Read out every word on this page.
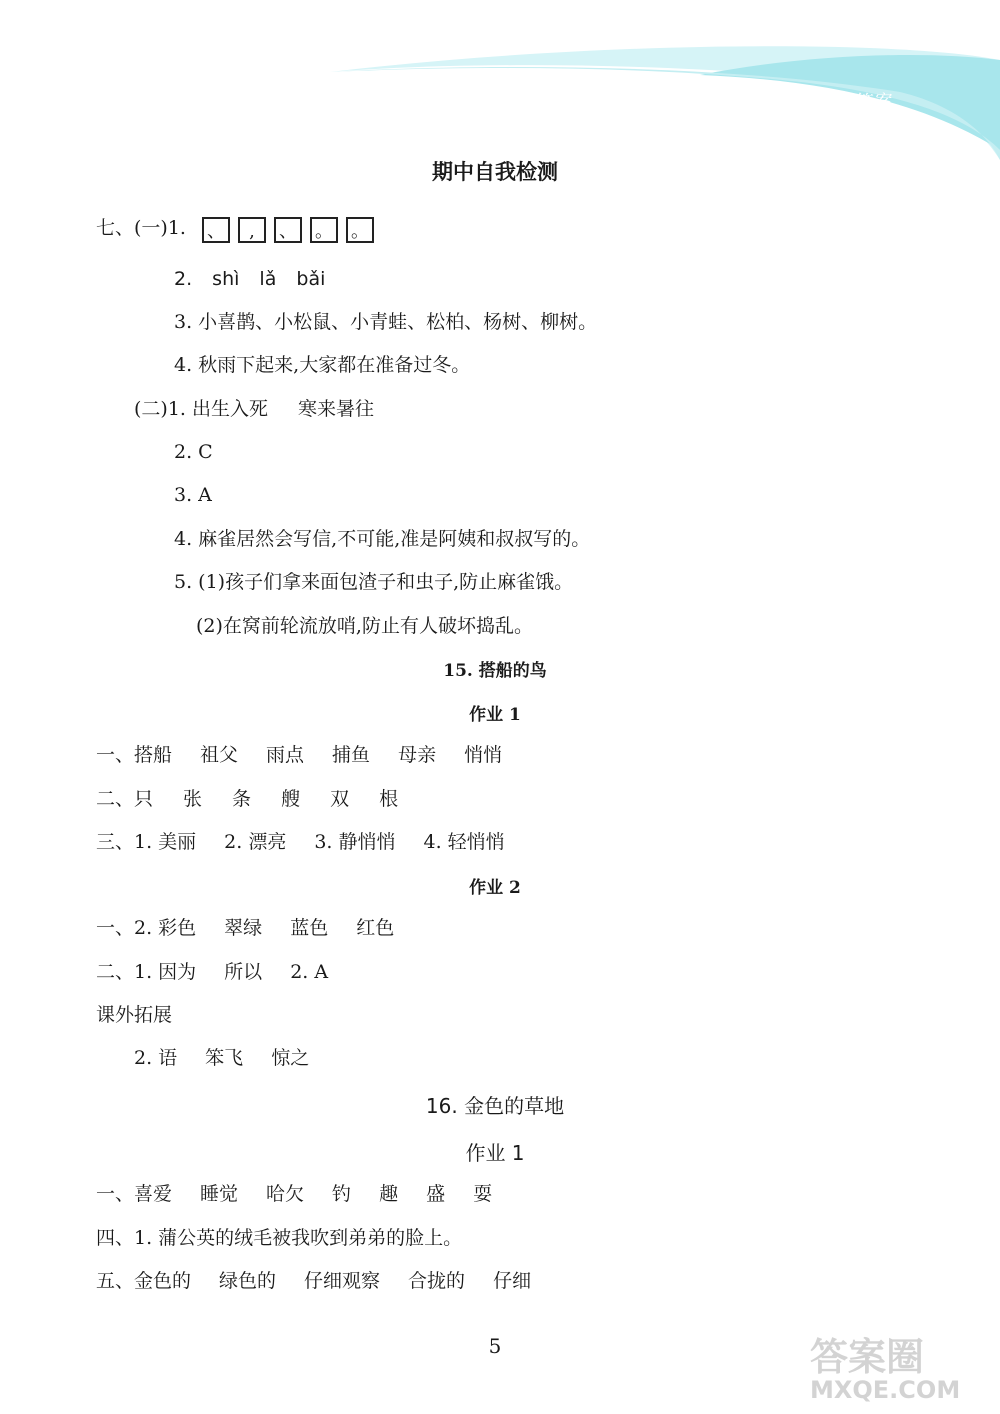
参考答案
期中自我检测
七、(一)1. 、 , 、 。 。
2. shì lǎ bǎi
3. 小喜鹊、小松鼠、小青蛙、松柏、杨树、柳树。
4. 秋雨下起来,大家都在准备过冬。
(二)1. 出生入死 寒来暑往
2. C
3. A
4. 麻雀居然会写信,不可能,准是阿姨和叔叔写的。
5. (1)孩子们拿来面包渣子和虫子,防止麻雀饿。
(2)在窝前轮流放哨,防止有人破坏捣乱。
15. 搭船的鸟
作业 1
一、搭船 祖父 雨点 捕鱼 母亲 悄悄
二、只 张 条 艘 双 根
三、1. 美丽 2. 漂亮 3. 静悄悄 4. 轻悄悄
作业 2
一、2. 彩色 翠绿 蓝色 红色
二、1. 因为 所以 2. A
课外拓展
2. 语 笨飞 惊之
16. 金色的草地
作业 1
一、喜爱 睡觉 哈欠 钓 趣 盛 耍
四、1. 蒲公英的绒毛被我吹到弟弟的脸上。
五、金色的 绿色的 仔细观察 合拢的 仔细
5	答案圈
MXQE.COM
